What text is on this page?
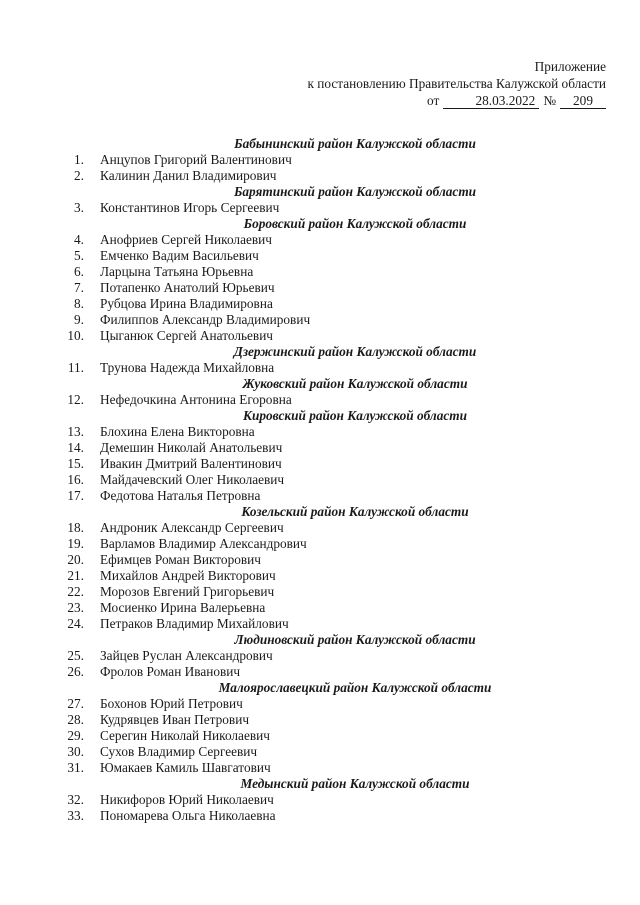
Приложение
к постановлению Правительства Калужской области
от	28.03.2022 №	209
Бабынинский район Калужской области
1.	Анцупов Григорий Валентинович
2.	Калинин Данил Владимирович
Барятинский район Калужской области
3.	Константинов Игорь Сергеевич
Боровский район Калужской области
4.	Анофриев Сергей Николаевич
5.	Емченко Вадим Васильевич
6.	Ларцына Татьяна Юрьевна
7.	Потапенко Анатолий Юрьевич
8.	Рубцова Ирина Владимировна
9.	Филиппов Александр Владимирович
10.	Цыганюк Сергей Анатольевич
Дзержинский район Калужской области
11.	Трунова Надежда Михайловна
Жуковский район Калужской области
12.	Нефедочкина Антонина Егоровна
Кировский район Калужской области
13.	Блохина Елена Викторовна
14.	Демешин Николай Анатольевич
15.	Ивакин Дмитрий Валентинович
16.	Майдачевский Олег Николаевич
17.	Федотова Наталья Петровна
Козельский район Калужской области
18.	Андроник Александр Сергеевич
19.	Варламов Владимир Александрович
20.	Ефимцев Роман Викторович
21.	Михайлов Андрей Викторович
22.	Морозов Евгений Григорьевич
23.	Мосиенко Ирина Валерьевна
24.	Петраков Владимир Михайлович
Людиновский район Калужской области
25.	Зайцев Руслан Александрович
26.	Фролов Роман Иванович
Малоярославецкий район Калужской области
27.	Бохонов Юрий Петрович
28.	Кудрявцев Иван Петрович
29.	Серегин Николай Николаевич
30.	Сухов Владимир Сергеевич
31.	Юмакаев Камиль Шавгатович
Медынский район Калужской области
32.	Никифоров Юрий Николаевич
33.	Пономарева Ольга Николаевна
